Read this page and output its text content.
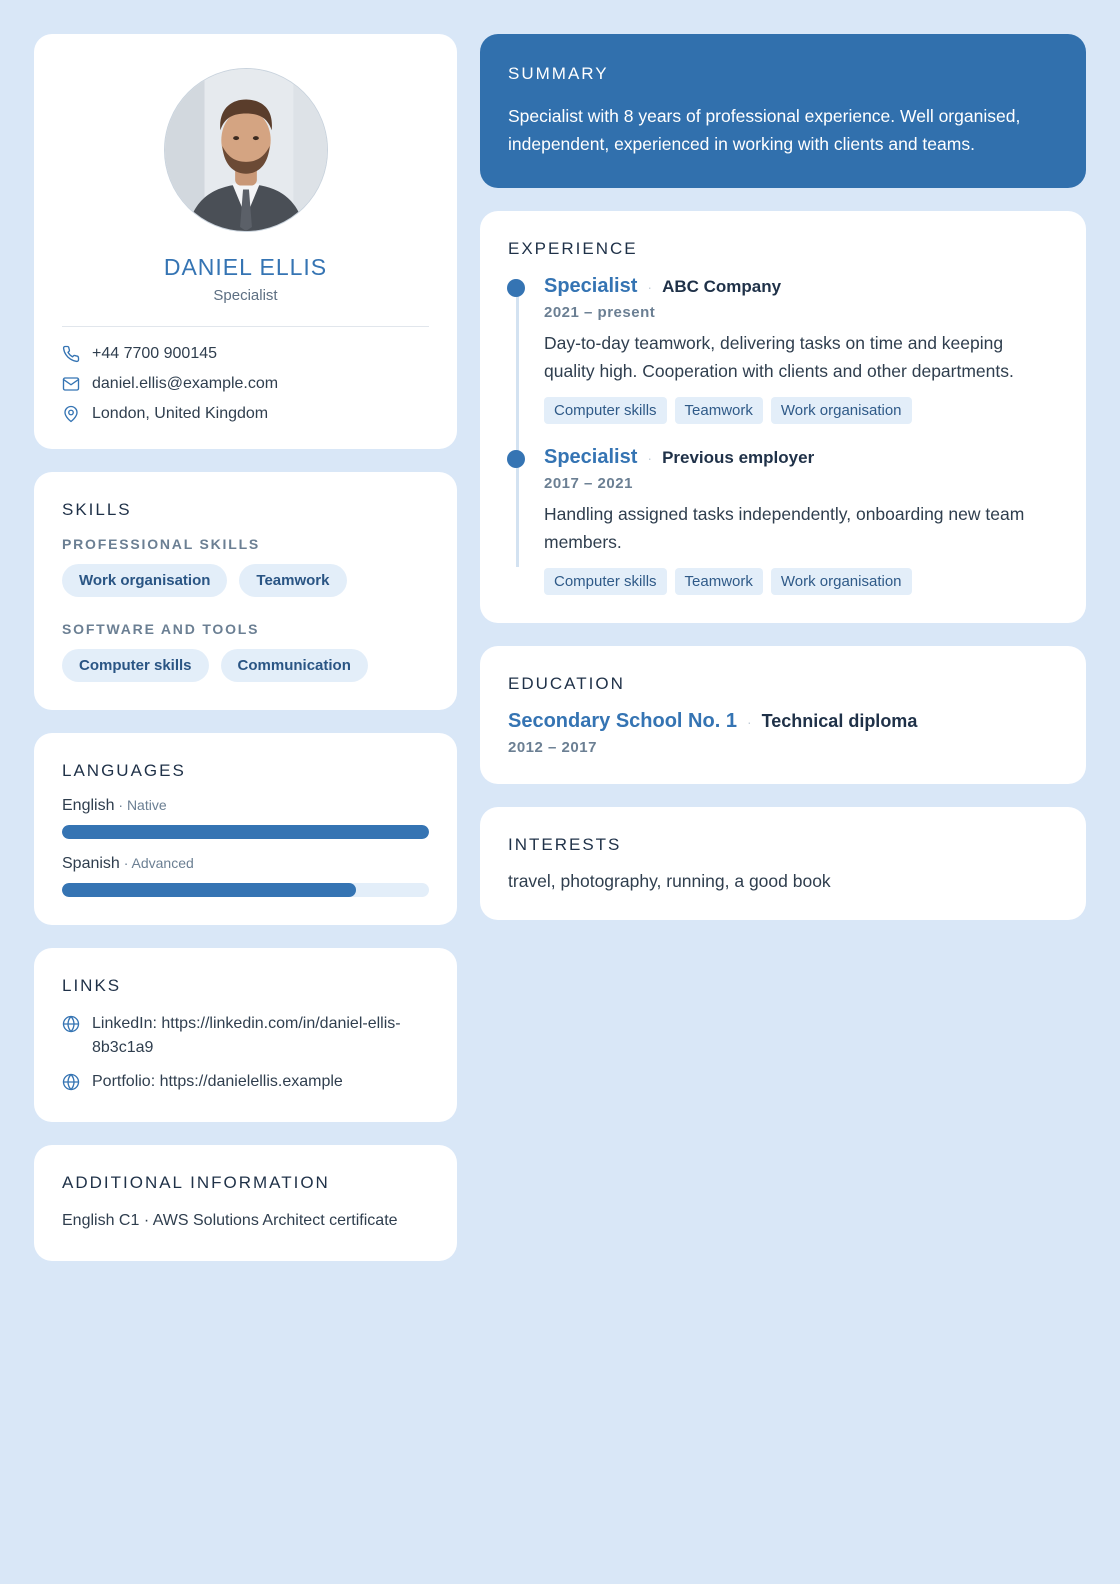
DANIEL ELLIS
Specialist
+44 7700 900145
daniel.ellis@example.com
London, United Kingdom
SKILLS
PROFESSIONAL SKILLS
Work organisation	Teamwork
SOFTWARE AND TOOLS
Computer skills	Communication
LANGUAGES
English · Native
Spanish · Advanced
LINKS
LinkedIn: https://linkedin.com/in/daniel-ellis-8b3c1a9
Portfolio: https://danielellis.example
ADDITIONAL INFORMATION
English C1 · AWS Solutions Architect certificate
SUMMARY

Specialist with 8 years of professional experience. Well organised, independent, experienced in working with clients and teams.

EXPERIENCE
Specialist · ABC Company
2021 – present
Day-to-day teamwork, delivering tasks on time and keeping quality high. Cooperation with clients and other departments.
Computer skills	Teamwork	Work organisation
Specialist · Previous employer
2017 – 2021
Handling assigned tasks independently, onboarding new team members.
Computer skills	Teamwork	Work organisation
EDUCATION
Secondary School No. 1 · Technical diploma
2012 – 2017
INTERESTS
travel, photography, running, a good book
